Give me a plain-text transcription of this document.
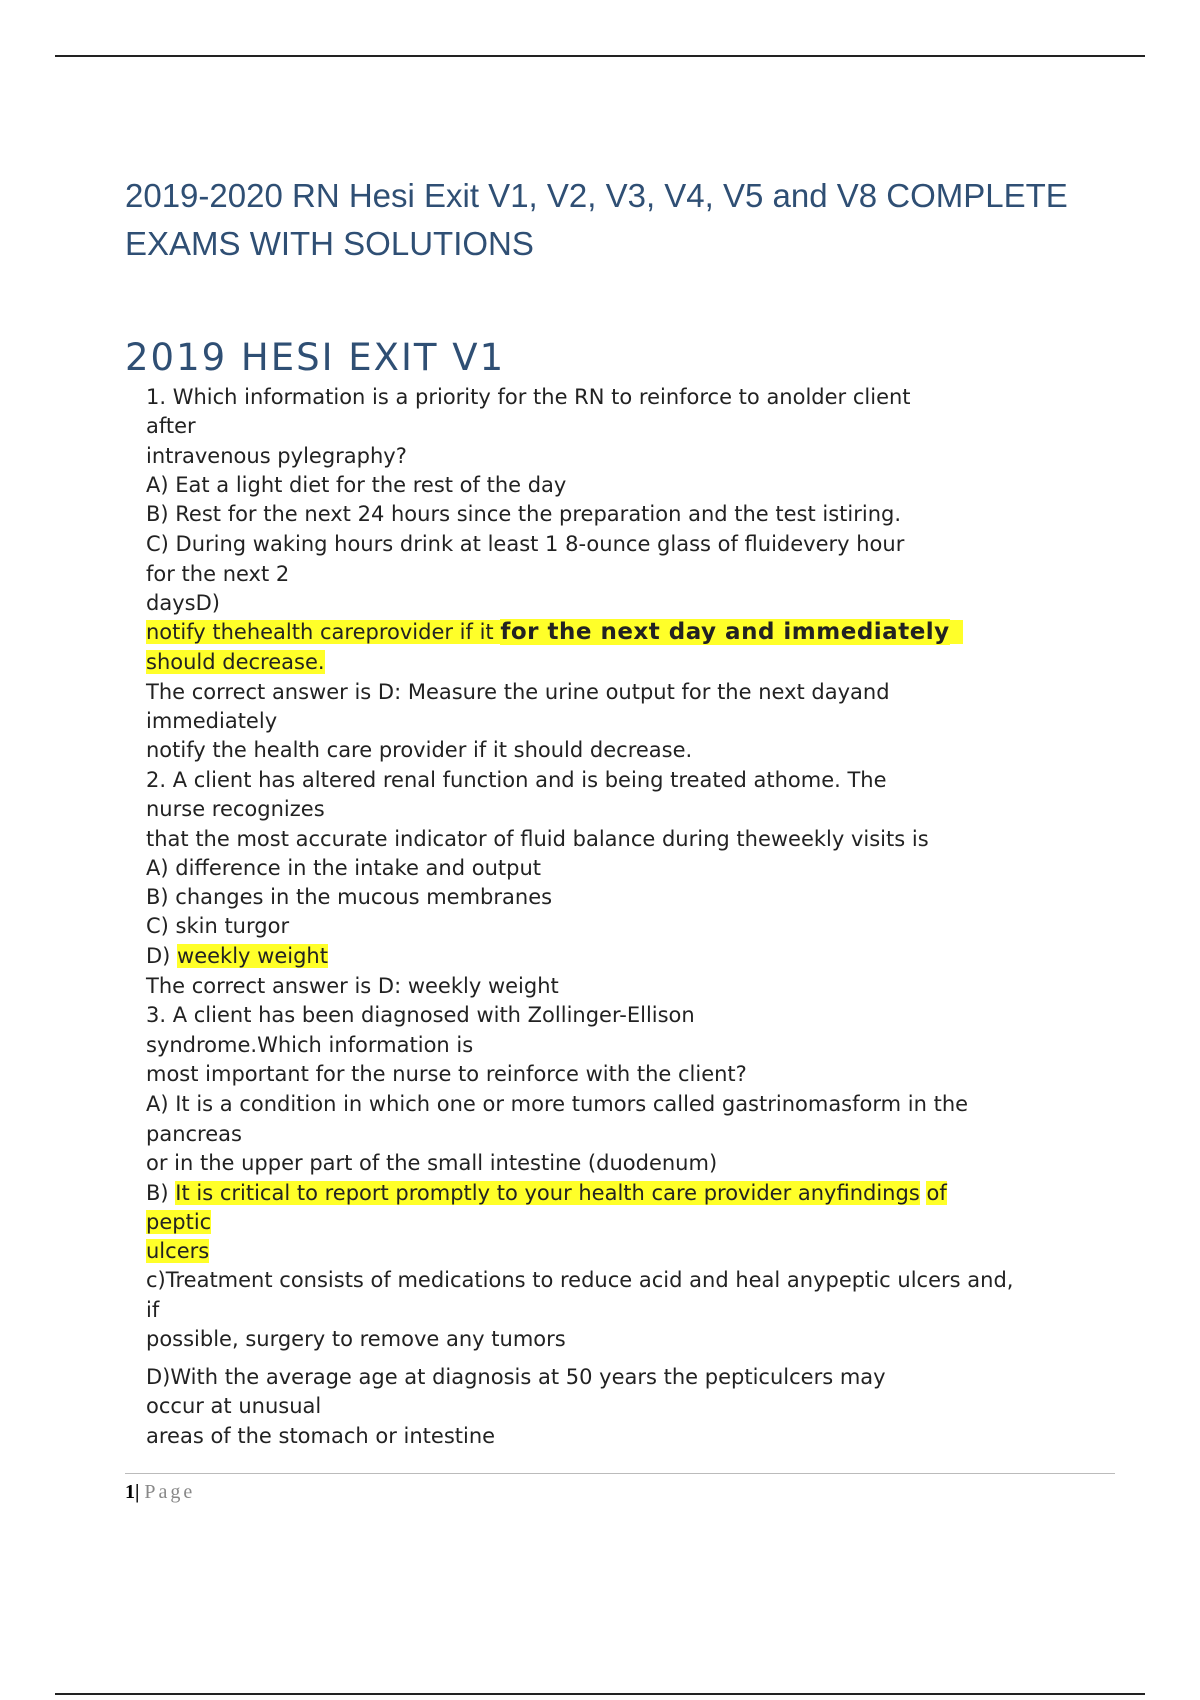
2019-2020 RN Hesi Exit V1, V2, V3, V4, V5 and V8 COMPLETE EXAMS WITH SOLUTIONS
2019 HESI EXIT V1
1. Which information is a priority for the RN to reinforce to anolder client
after
intravenous pylegraphy?
A) Eat a light diet for the rest of the day
B) Rest for the next 24 hours since the preparation and the test istiring.
C) During waking hours drink at least 1 8-ounce glass of fluidevery hour
for the next 2
daysD)
notify thehealth careprovider if it for the next day and immediately
should decrease.
The correct answer is D: Measure the urine output for the next dayand
immediately
notify the health care provider if it should decrease.
2. A client has altered renal function and is being treated athome. The
nurse recognizes
that the most accurate indicator of fluid balance during theweekly visits is
A) difference in the intake and output
B) changes in the mucous membranes
C) skin turgor
D) weekly weight
The correct answer is D: weekly weight
3. A client has been diagnosed with Zollinger-Ellison
syndrome.Which information is
most important for the nurse to reinforce with the client?
A) It is a condition in which one or more tumors called gastrinomasform in the
pancreas
or in the upper part of the small intestine (duodenum)
B) It is critical to report promptly to your health care provider anyfindings of
peptic
ulcers
c)Treatment consists of medications to reduce acid and heal anypeptic ulcers and,
if
possible, surgery to remove any tumors
D)With the average age at diagnosis at 50 years the pepticulcers may
occur at unusual
areas of the stomach or intestine
1| Page
